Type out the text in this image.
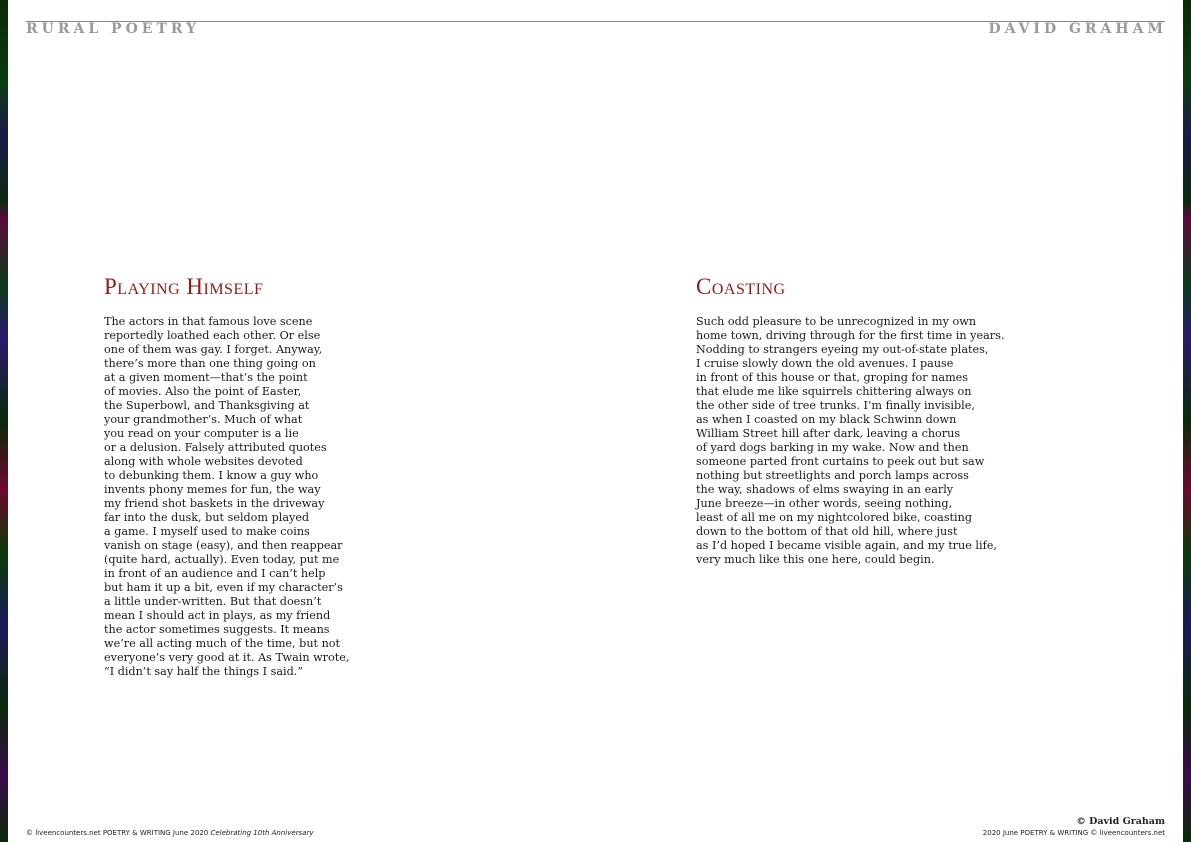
RURAL POETRY	DAVID GRAHAM
Playing Himself
The actors in that famous love scene
reportedly loathed each other. Or else
one of them was gay. I forget. Anyway,
there’s more than one thing going on
at a given moment—that’s the point
of movies. Also the point of Easter,
the Superbowl, and Thanksgiving at
your grandmother’s. Much of what
you read on your computer is a lie
or a delusion. Falsely attributed quotes
along with whole websites devoted
to debunking them. I know a guy who
invents phony memes for fun, the way
my friend shot baskets in the driveway
far into the dusk, but seldom played
a game. I myself used to make coins
vanish on stage (easy), and then reappear
(quite hard, actually). Even today, put me
in front of an audience and I can’t help
but ham it up a bit, even if my character’s
a little under-written. But that doesn’t
mean I should act in plays, as my friend
the actor sometimes suggests. It means
we’re all acting much of the time, but not
everyone’s very good at it. As Twain wrote,
“I didn’t say half the things I said.”
Coasting
Such odd pleasure to be unrecognized in my own
home town, driving through for the first time in years.
Nodding to strangers eyeing my out-of-state plates,
I cruise slowly down the old avenues. I pause
in front of this house or that, groping for names
that elude me like squirrels chittering always on
the other side of tree trunks. I’m finally invisible,
as when I coasted on my black Schwinn down
William Street hill after dark, leaving a chorus
of yard dogs barking in my wake. Now and then
someone parted front curtains to peek out but saw
nothing but streetlights and porch lamps across
the way, shadows of elms swaying in an early
June breeze—in other words, seeing nothing,
least of all me on my nightcolored bike, coasting
down to the bottom of that old hill, where just
as I’d hoped I became visible again, and my true life,
very much like this one here, could begin.
© liveencounters.net POETRY & WRITING June 2020 Celebrating 10th Anniversary
© David Graham
2020 June POETRY & WRITING © liveencounters.net
